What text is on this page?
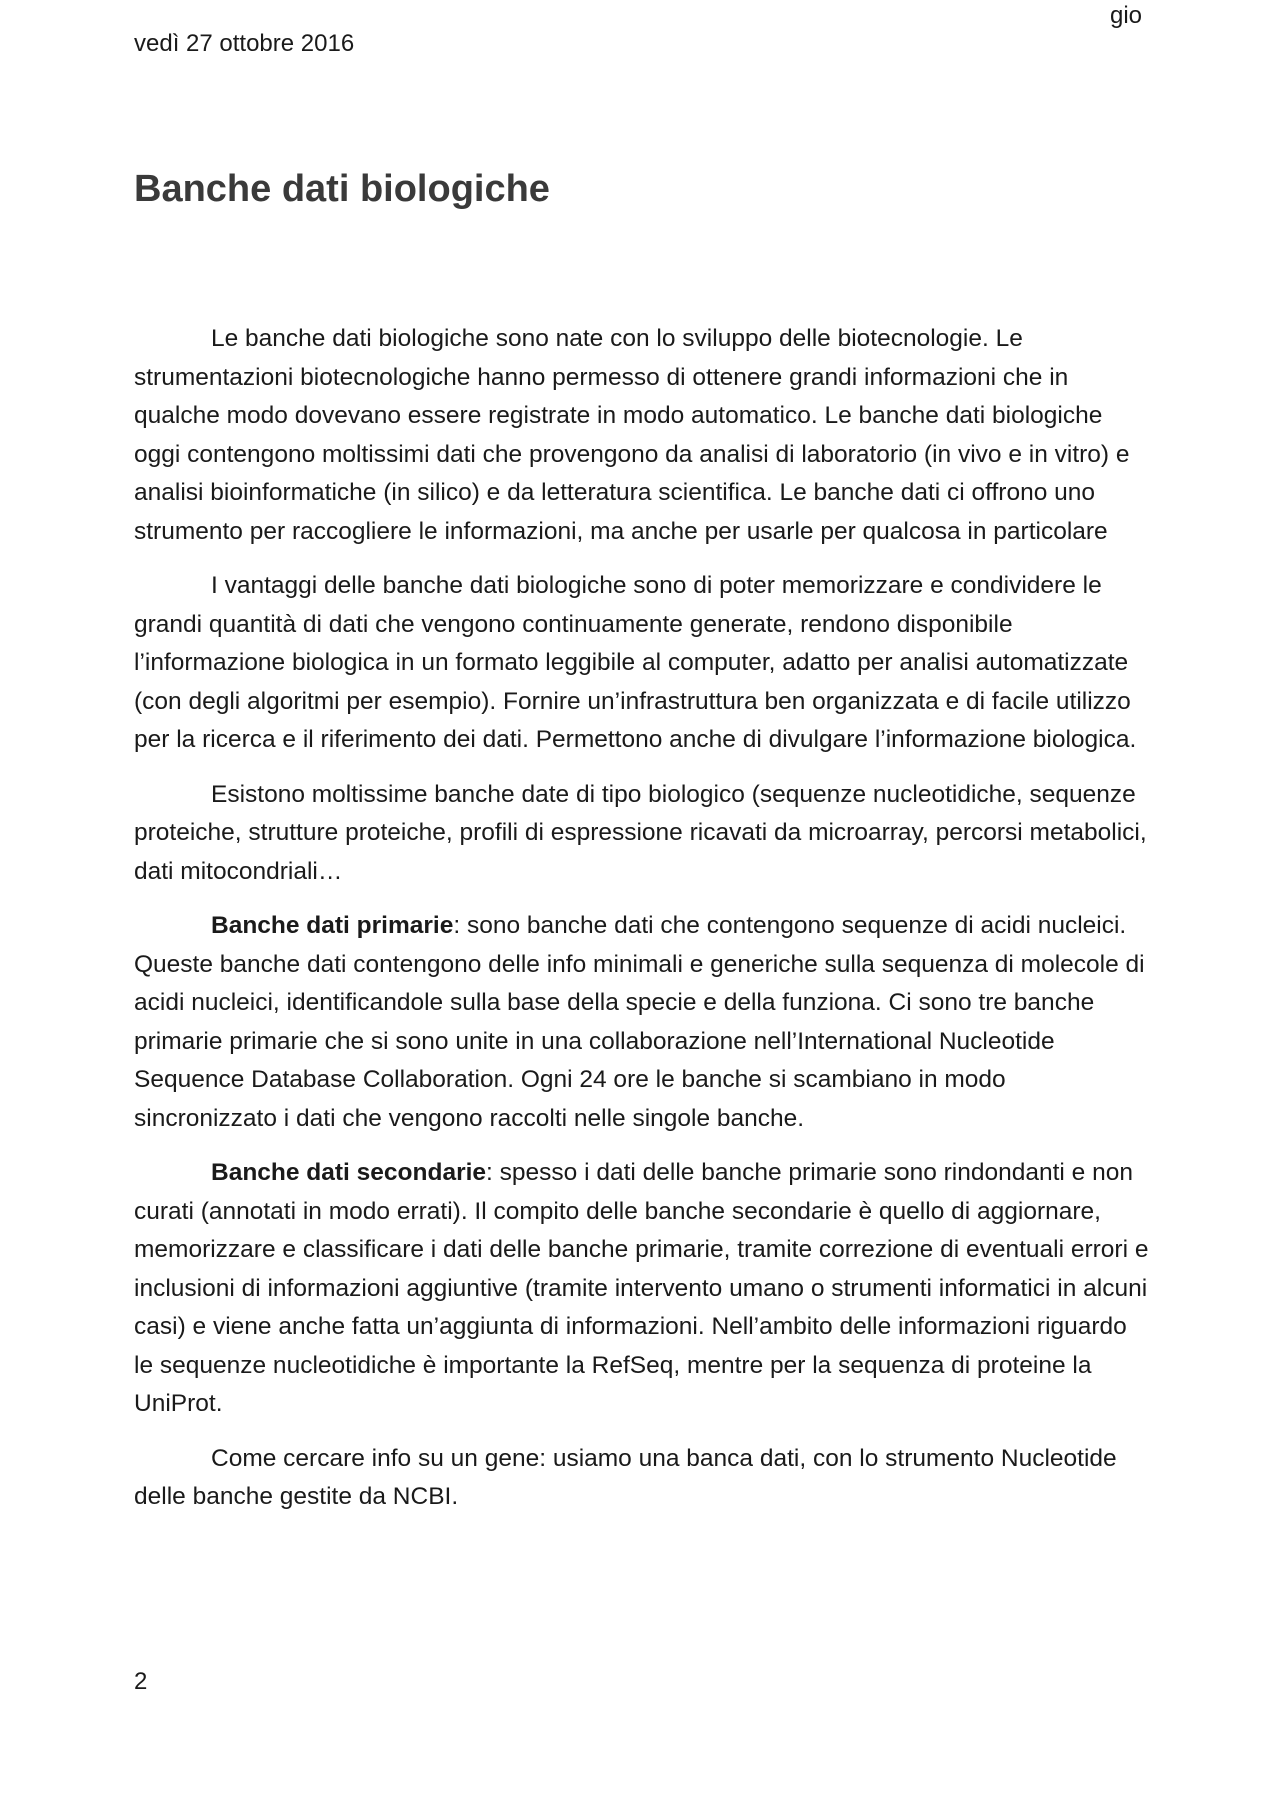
vedì 27 ottobre 2016
gio
Banche dati biologiche

Le banche dati biologiche sono nate con lo sviluppo delle biotecnologie. Le strumentazioni biotecnologiche hanno permesso di ottenere grandi informazioni che in qualche modo dovevano essere registrate in modo automatico. Le banche dati biologiche oggi contengono moltissimi dati che provengono da analisi di laboratorio (in vivo e in vitro) e analisi bioinformatiche (in silico) e da letteratura scientifica. Le banche dati ci offrono uno strumento per raccogliere le informazioni, ma anche per usarle per qualcosa in particolare

I vantaggi delle banche dati biologiche sono di poter memorizzare e condividere le grandi quantità di dati che vengono continuamente generate, rendono disponibile l’informazione biologica in un formato leggibile al computer, adatto per analisi automatizzate (con degli algoritmi per esempio). Fornire un’infrastruttura ben organizzata e di facile utilizzo per la ricerca e il riferimento dei dati. Permettono anche di divulgare l’informazione biologica.

Esistono moltissime banche date di tipo biologico (sequenze nucleotidiche, sequenze proteiche, strutture proteiche, profili di espressione ricavati da microarray, percorsi metabolici, dati mitocondriali…

Banche dati primarie: sono banche dati che contengono sequenze di acidi nucleici. Queste banche dati contengono delle info minimali e generiche sulla sequenza di molecole di acidi nucleici, identificandole sulla base della specie e della funziona. Ci sono tre banche primarie primarie che si sono unite in una collaborazione nell’International Nucleotide Sequence Database Collaboration. Ogni 24 ore le banche si scambiano in modo sincronizzato i dati che vengono raccolti nelle singole banche.

Banche dati secondarie: spesso i dati delle banche primarie sono rindondanti e non curati (annotati in modo errati). Il compito delle banche secondarie è quello di aggiornare, memorizzare e classificare i dati delle banche primarie, tramite correzione di eventuali errori e inclusioni di informazioni aggiuntive (tramite intervento umano o strumenti informatici in alcuni casi) e viene anche fatta un’aggiunta di informazioni. Nell’ambito delle informazioni riguardo le sequenze nucleotidiche è importante la RefSeq, mentre per la sequenza di proteine la UniProt.

Come cercare info su un gene: usiamo una banca dati, con lo strumento Nucleotide delle banche gestite da NCBI.

2
